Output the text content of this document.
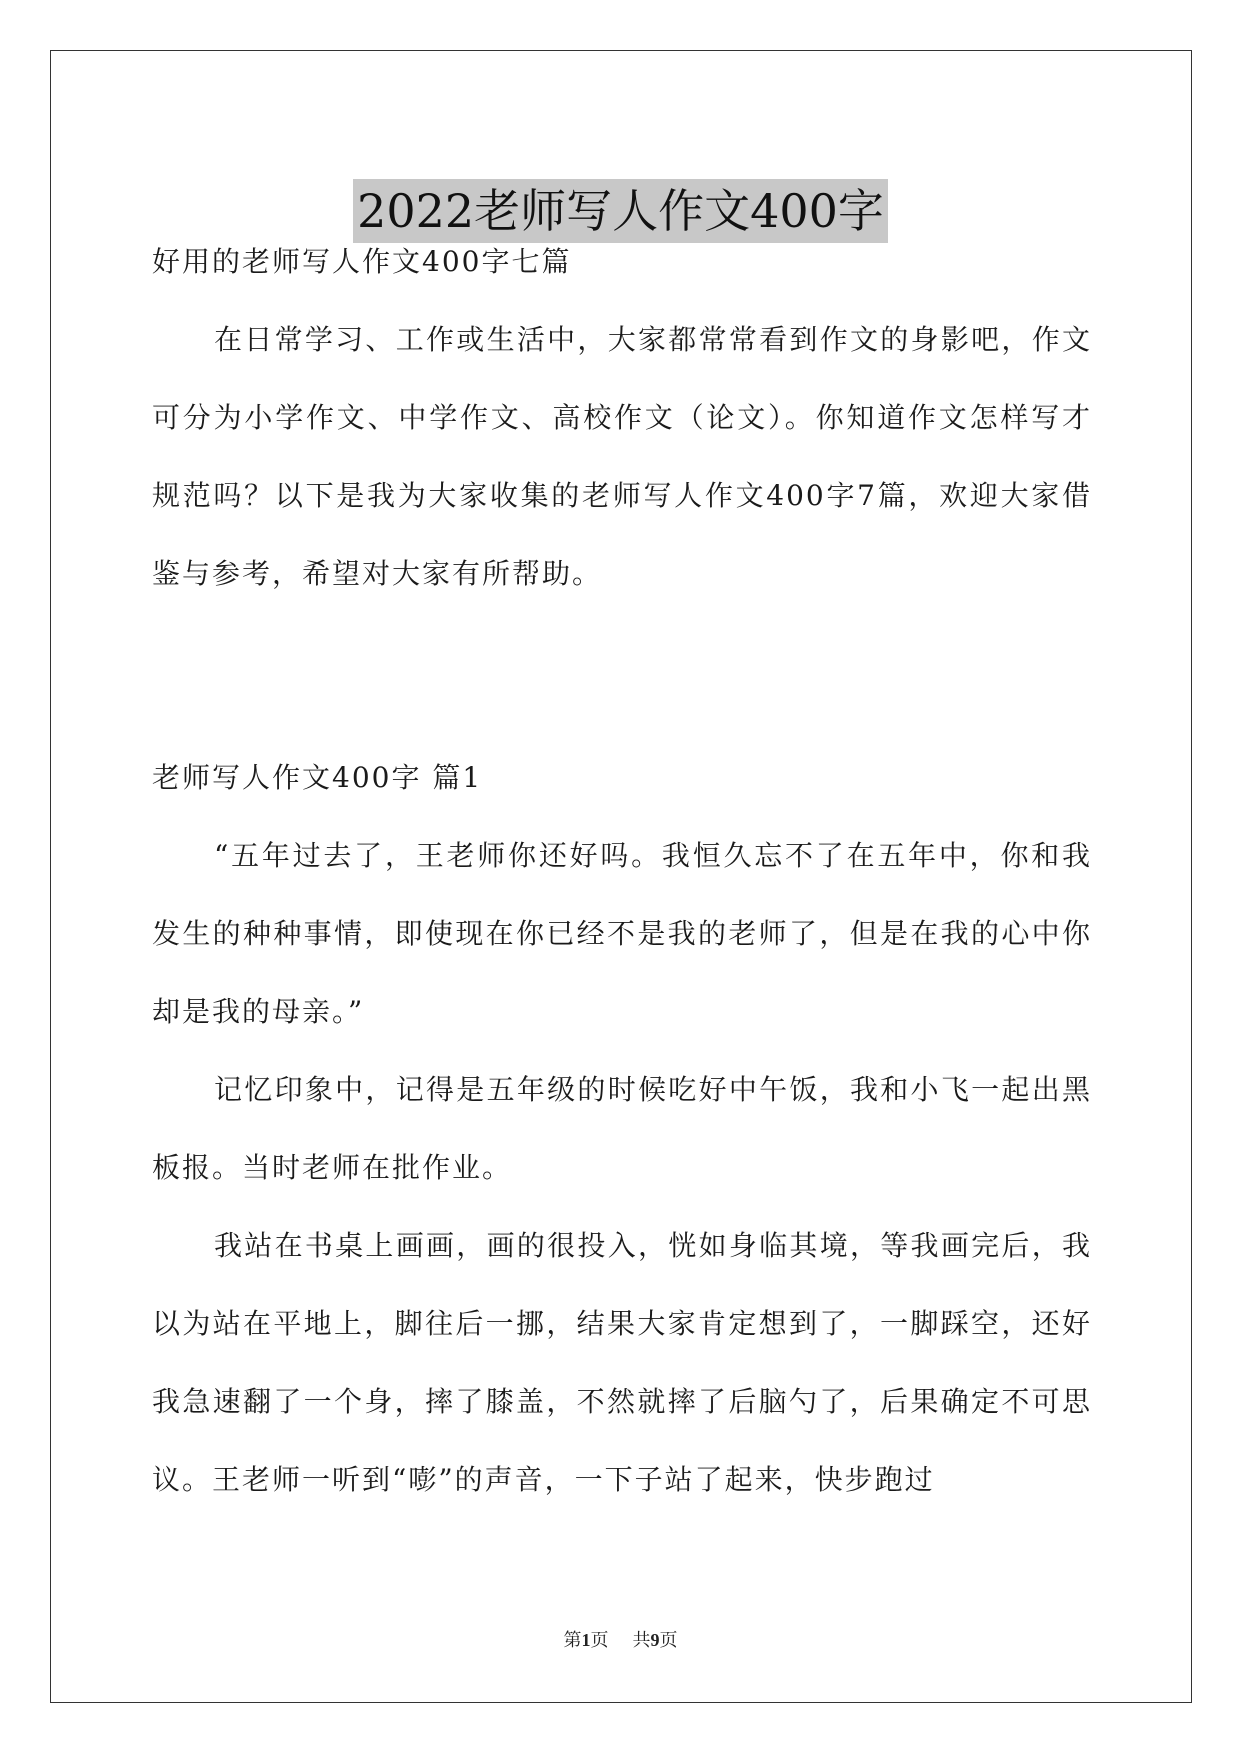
2022老师写人作文400字

好用的老师写人作文400字七篇

在日常学习、工作或生活中，大家都常常看到作文的身影吧，作文可分为小学作文、中学作文、高校作文（论文）。你知道作文怎样写才规范吗？以下是我为大家收集的老师写人作文400字7篇，欢迎大家借鉴与参考，希望对大家有所帮助。

老师写人作文400字 篇1

“五年过去了，王老师你还好吗。我恒久忘不了在五年中，你和我发生的种种事情，即使现在你已经不是我的老师了，但是在我的心中你却是我的母亲。”

记忆印象中，记得是五年级的时候吃好中午饭，我和小飞一起出黑板报。当时老师在批作业。

我站在书桌上画画，画的很投入，恍如身临其境，等我画完后，我以为站在平地上，脚往后一挪，结果大家肯定想到了，一脚踩空，还好我急速翻了一个身，摔了膝盖，不然就摔了后脑勺了，后果确定不可思议。王老师一听到“嘭”的声音，一下子站了起来，快步跑过

第1页 共9页
